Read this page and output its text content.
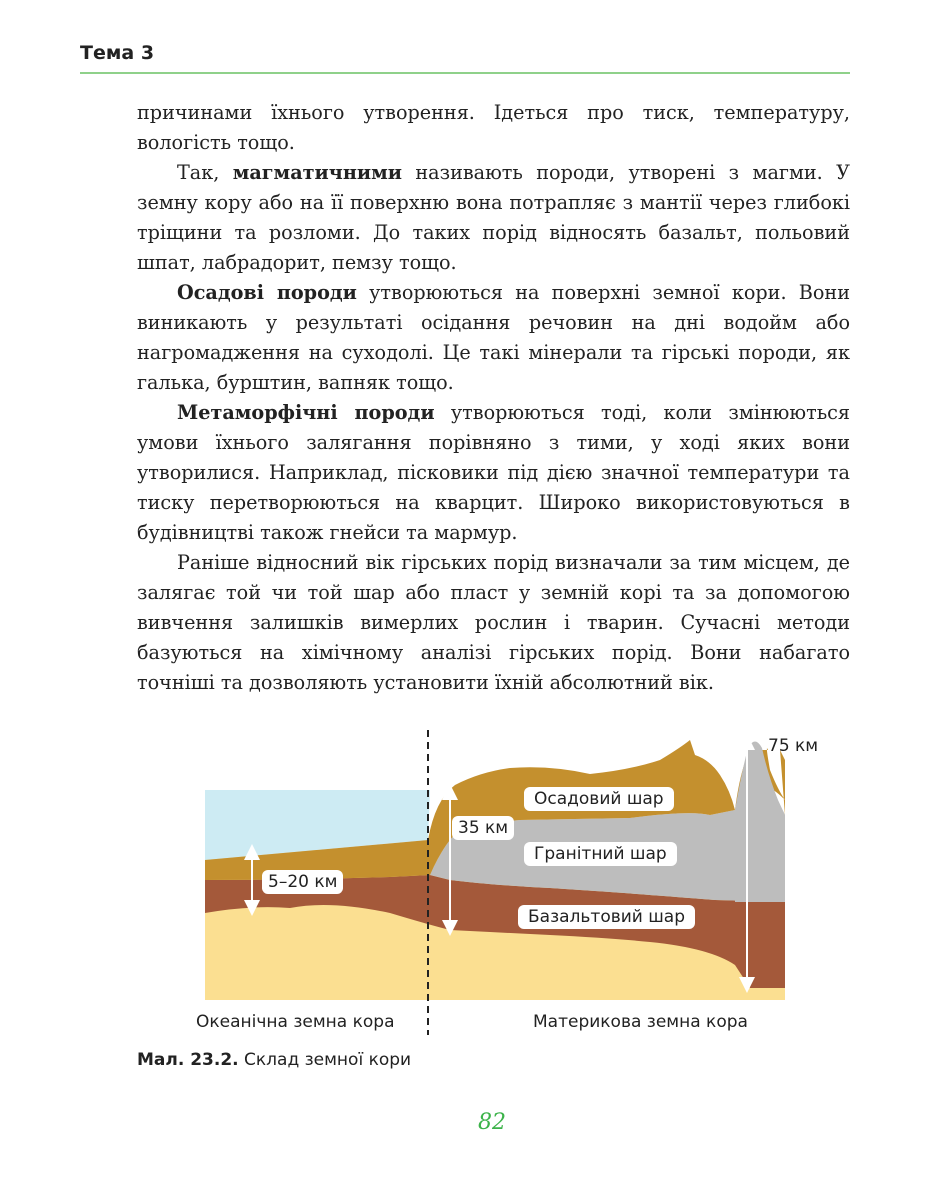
Тема 3

причинами їхнього утворення. Ідеться про тиск, температуру, вологість тощо.

Так, магматичними називають породи, утворені з магми. У земну кору або на її поверхню вона потрапляє з мантії через глибокі тріщини та розломи. До таких порід відносять базальт, польовий шпат, лабрадорит, пемзу тощо.

Осадові породи утворюються на поверхні земної кори. Вони виникають у результаті осідання речовин на дні водойм або нагромадження на суходолі. Це такі мінерали та гірські породи, як галька, бурштин, вапняк тощо.

Метаморфічні породи утворюються тоді, коли змінюються умови їхнього залягання порівняно з тими, у ході яких вони утворилися. Наприклад, пісковики під дією значної температури та тиску перетворюються на кварцит. Широко використовуються в будівництві також гнейси та мармур.

Раніше відносний вік гірських порід визначали за тим місцем, де залягає той чи той шар або пласт у земній корі та за допомогою вивчення залишків вимерлих рослин і тварин. Сучасні методи базуються на хімічному аналізі гірських порід. Вони набагато точніші та дозволяють установити їхній абсолютний вік.

Осадовий шар
Гранітний шар
Базальтовий шар
5–20 км
35 км
75 км
Океанічна земна кора	Материкова земна кора
Мал. 23.2. Склад земної кори
82
